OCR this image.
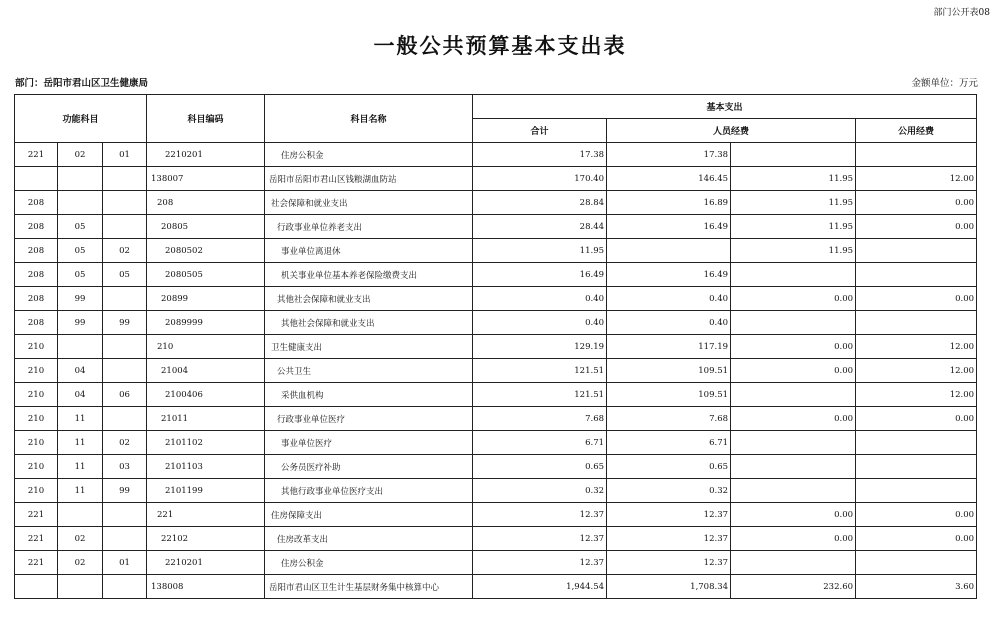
部门公开表08
一般公共预算基本支出表
部门：岳阳市君山区卫生健康局	金额单位：万元
功能科目			科目编码	科目名称	基本支出			
					合计	人员经费		公用经费
221	02	01	2210201	住房公积金	17.38	17.38		
			138007	岳阳市岳阳市君山区钱粮湖血防站	170.40	146.45	11.95	12.00
208			208	社会保障和就业支出	28.84	16.89	11.95	0.00
208	05		20805	行政事业单位养老支出	28.44	16.49	11.95	0.00
208	05	02	2080502	事业单位离退休	11.95		11.95	
208	05	05	2080505	机关事业单位基本养老保险缴费支出	16.49	16.49		
208	99		20899	其他社会保障和就业支出	0.40	0.40	0.00	0.00
208	99	99	2089999	其他社会保障和就业支出	0.40	0.40		
210			210	卫生健康支出	129.19	117.19	0.00	12.00
210	04		21004	公共卫生	121.51	109.51	0.00	12.00
210	04	06	2100406	采供血机构	121.51	109.51		12.00
210	11		21011	行政事业单位医疗	7.68	7.68	0.00	0.00
210	11	02	2101102	事业单位医疗	6.71	6.71		
210	11	03	2101103	公务员医疗补助	0.65	0.65		
210	11	99	2101199	其他行政事业单位医疗支出	0.32	0.32		
221			221	住房保障支出	12.37	12.37	0.00	0.00
221	02		22102	住房改革支出	12.37	12.37	0.00	0.00
221	02	01	2210201	住房公积金	12.37	12.37		
			138008	岳阳市君山区卫生计生基层财务集中核算中心	1,944.54	1,708.34	232.60	3.60
